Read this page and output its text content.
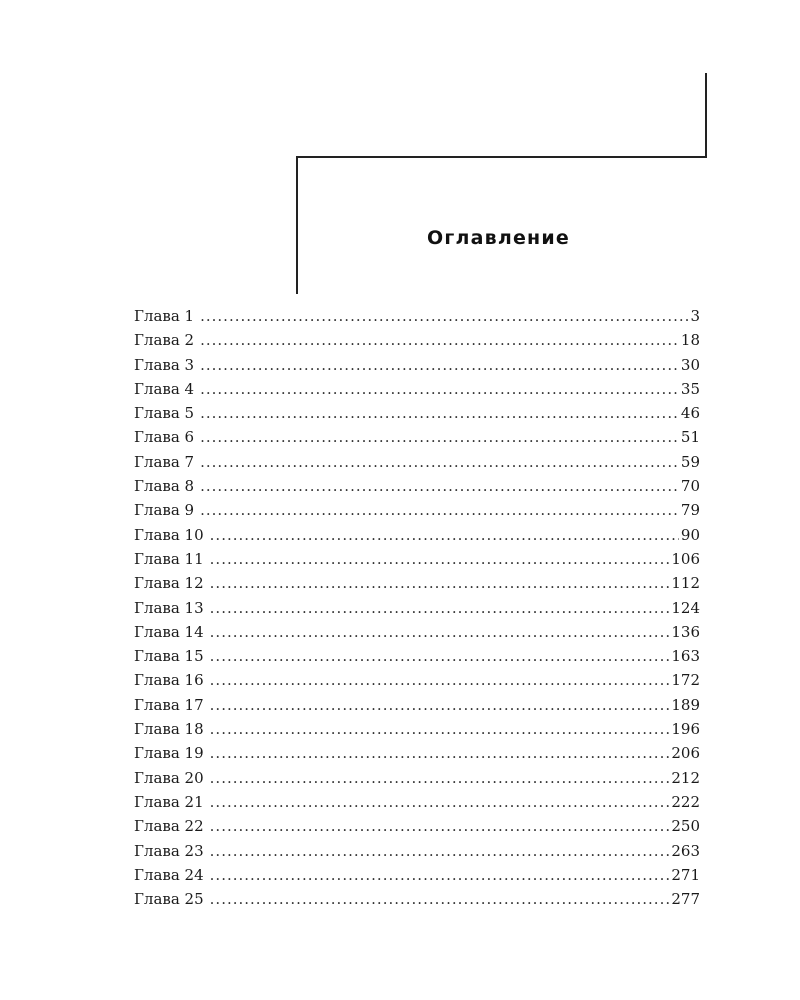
Оглавление
Глава 1 .....	3
Глава 2 .....	18
Глава 3 .....	30
Глава 4 .....	35
Глава 5 .....	46
Глава 6 .....	51
Глава 7 .....	59
Глава 8 .....	70
Глава 9 .....	79
Глава 10 .....	90
Глава 11 .....	106
Глава 12 .....	112
Глава 13 .....	124
Глава 14 .....	136
Глава 15 .....	163
Глава 16 .....	172
Глава 17 .....	189
Глава 18 .....	196
Глава 19 .....	206
Глава 20 .....	212
Глава 21 .....	222
Глава 22 .....	250
Глава 23 .....	263
Глава 24 .....	271
Глава 25 .....	277
